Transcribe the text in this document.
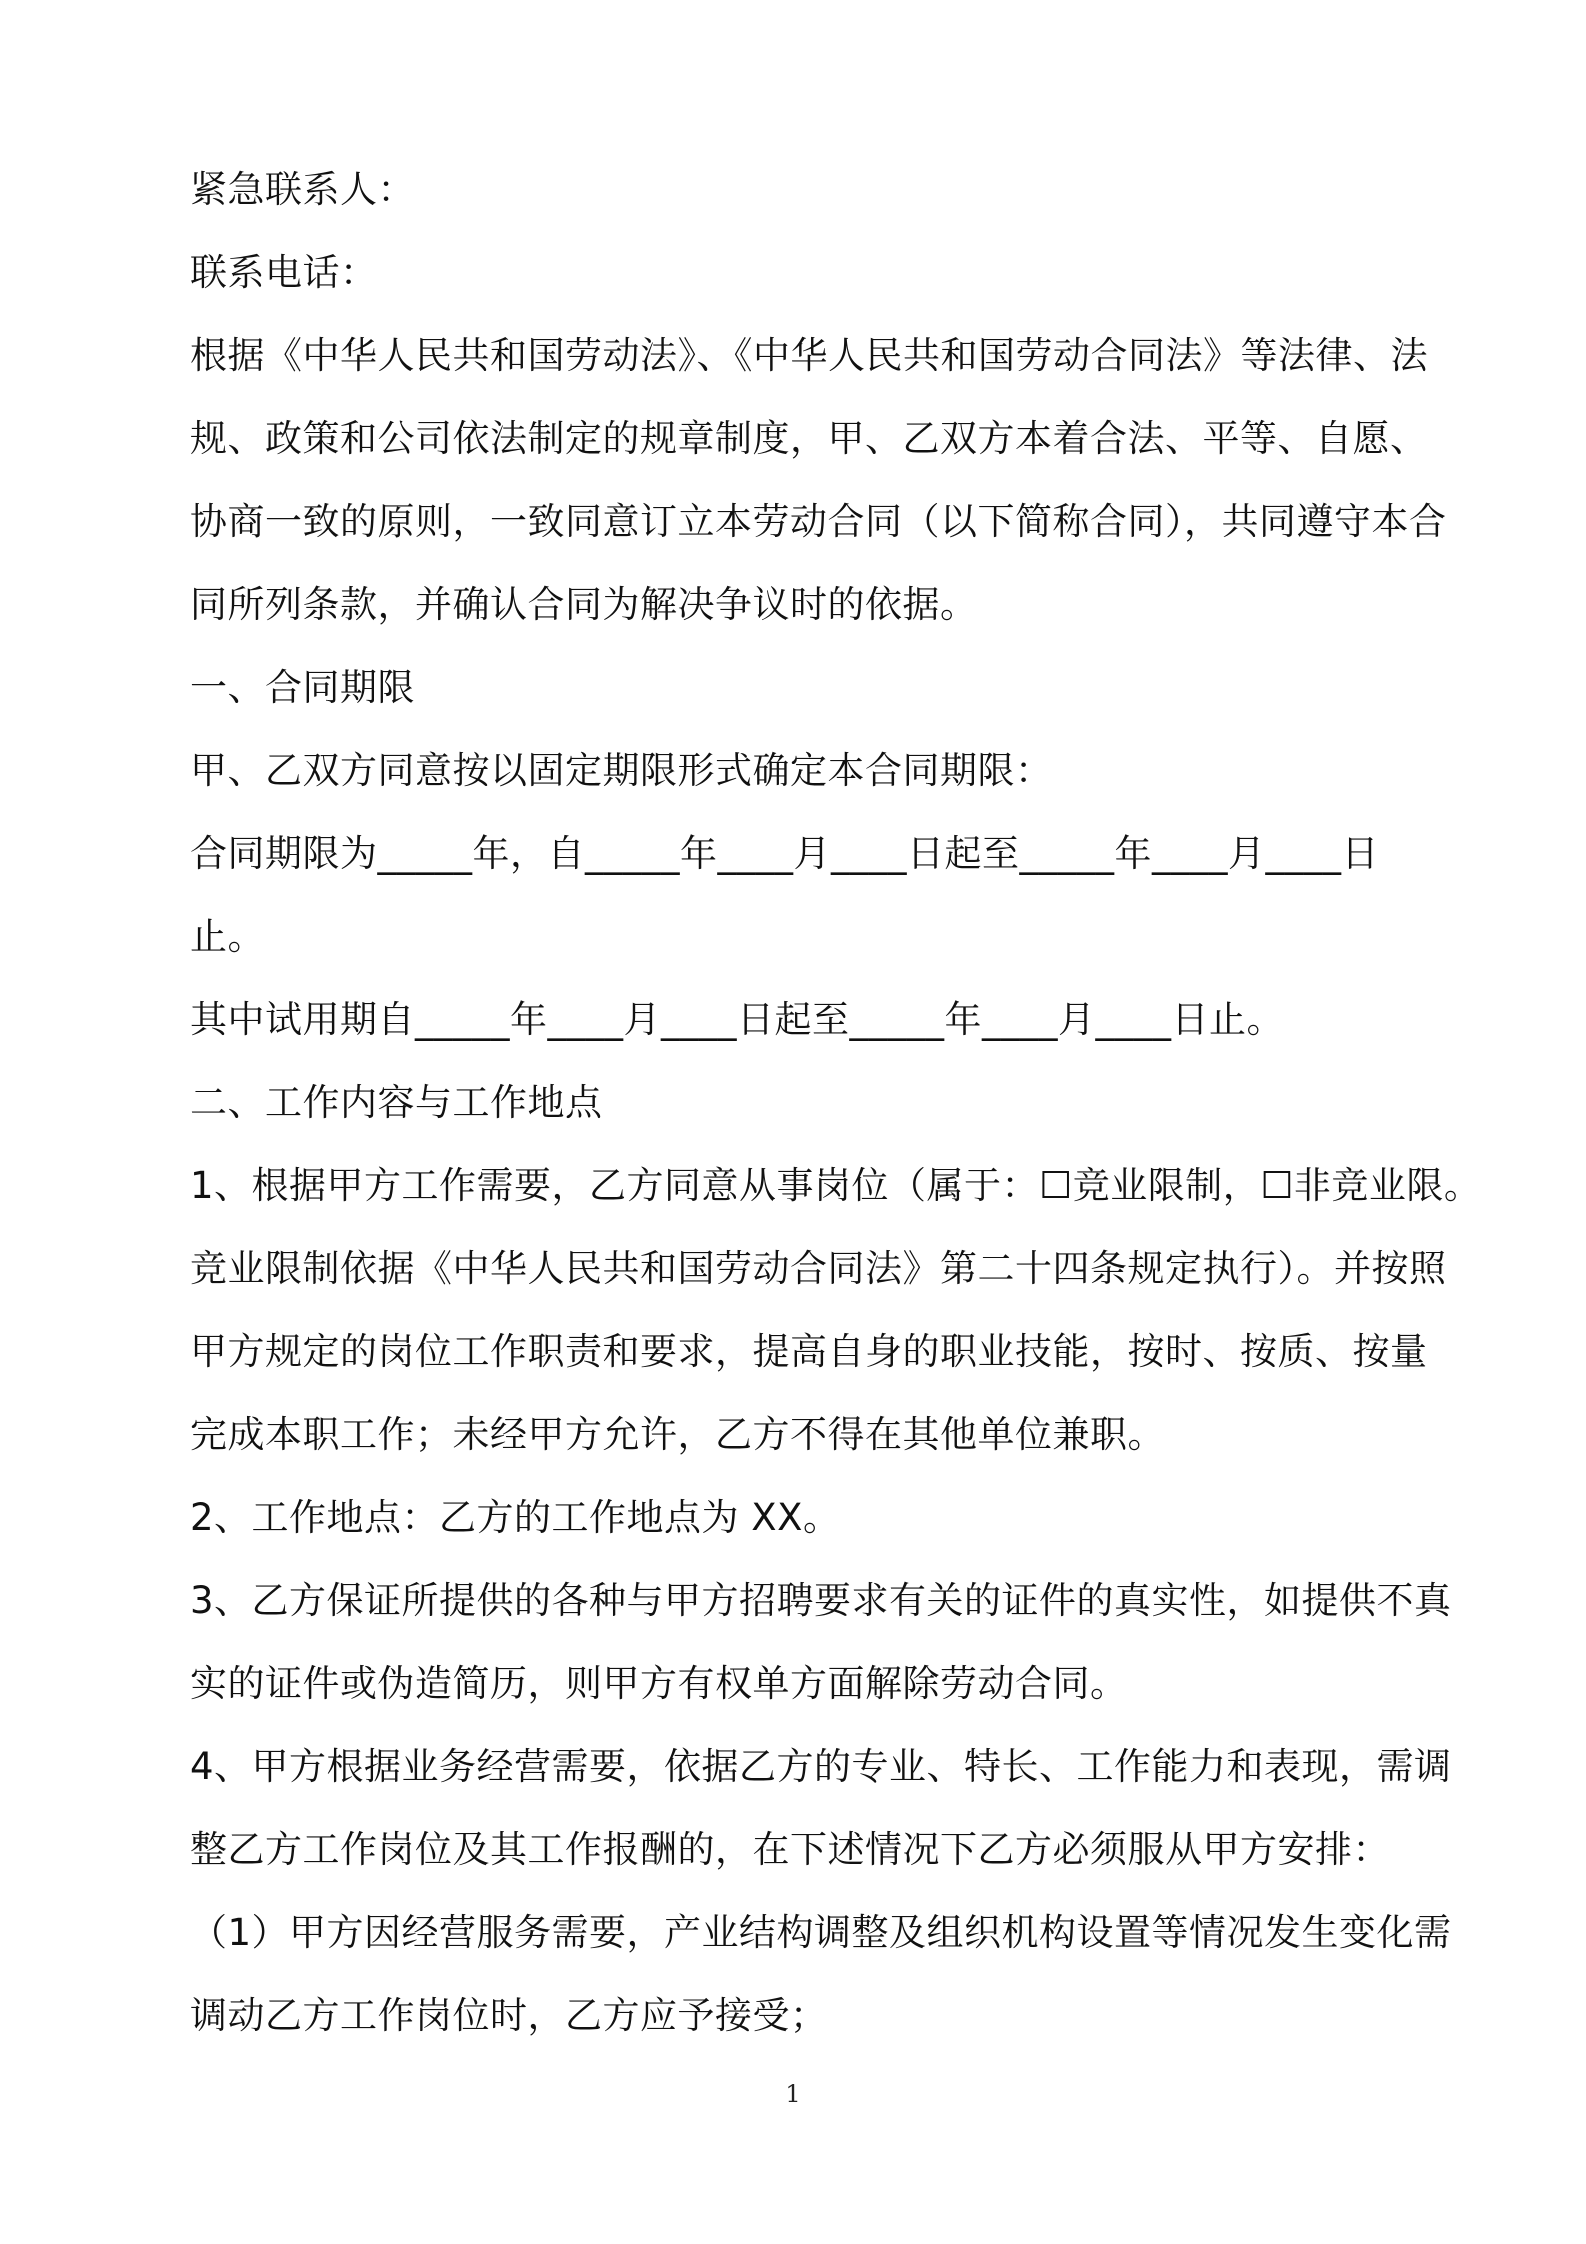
紧急联系人：
联系电话：
根据《中华人民共和国劳动法》、《中华人民共和国劳动合同法》等法律、法
规、政策和公司依法制定的规章制度，甲、乙双方本着合法、平等、自愿、
协商一致的原则，一致同意订立本劳动合同（以下简称合同），共同遵守本合
同所列条款，并确认合同为解决争议时的依据。
一、合同期限
甲、乙双方同意按以固定期限形式确定本合同期限：
合同期限为_____年，自_____年____月____日起至_____年____月____日
止。
其中试用期自_____年____月____日起至_____年____月____日止。
二、工作内容与工作地点
1、根据甲方工作需要，乙方同意从事岗位（属于：☐竞业限制，☐非竞业限。
竞业限制依据《中华人民共和国劳动合同法》第二十四条规定执行）。并按照
甲方规定的岗位工作职责和要求，提高自身的职业技能，按时、按质、按量
完成本职工作；未经甲方允许，乙方不得在其他单位兼职。
2、工作地点：乙方的工作地点为 XX。
3、乙方保证所提供的各种与甲方招聘要求有关的证件的真实性，如提供不真
实的证件或伪造简历，则甲方有权单方面解除劳动合同。
4、甲方根据业务经营需要，依据乙方的专业、特长、工作能力和表现，需调
整乙方工作岗位及其工作报酬的，在下述情况下乙方必须服从甲方安排：
（1）甲方因经营服务需要，产业结构调整及组织机构设置等情况发生变化需
调动乙方工作岗位时，乙方应予接受；
1
